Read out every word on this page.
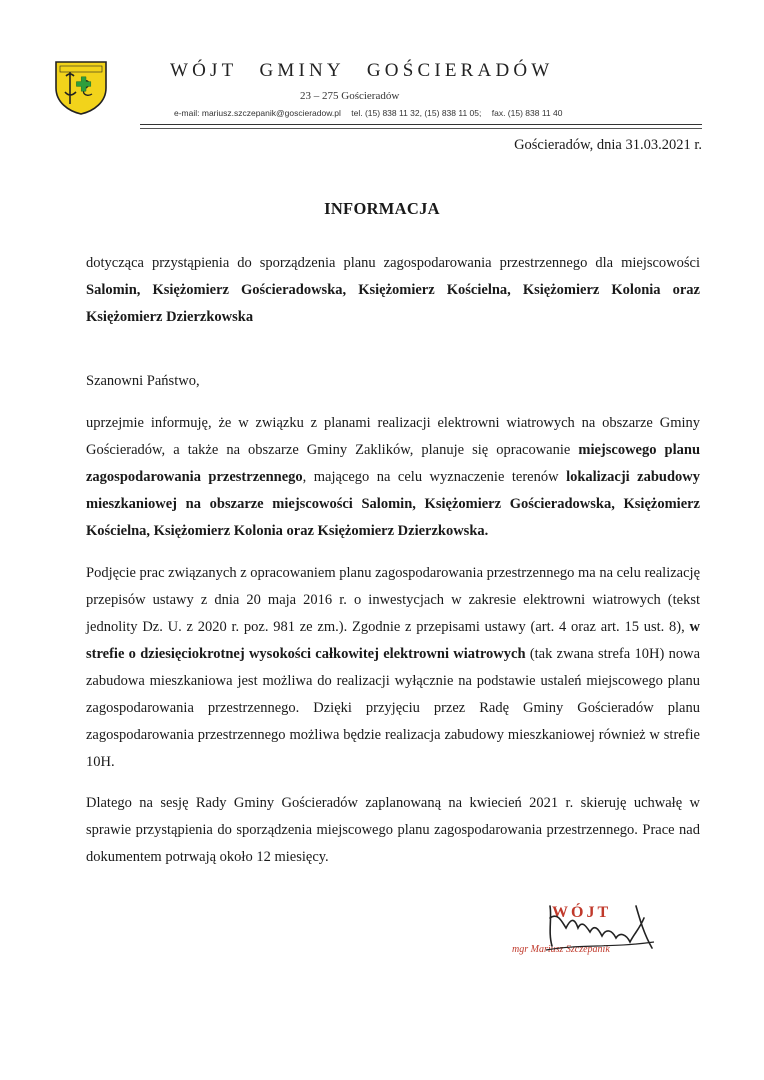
WÓJT GMINY GOŚCIERADÓW
23 – 275 Gościeradów
e-mail: mariusz.szczepanik@goscieradow.pl tel. (15) 838 11 32, (15) 838 11 05; fax. (15) 838 11 40
Gościeradów, dnia 31.03.2021 r.
INFORMACJA

dotycząca przystąpienia do sporządzenia planu zagospodarowania przestrzennego dla miejscowości Salomin, Księżomierz Gościeradowska, Księżomierz Kościelna, Księżomierz Kolonia oraz Księżomierz Dzierzkowska

Szanowni Państwo,

uprzejmie informuję, że w związku z planami realizacji elektrowni wiatrowych na obszarze Gminy Gościeradów, a także na obszarze Gminy Zaklików, planuje się opracowanie miejscowego planu zagospodarowania przestrzennego, mającego na celu wyznaczenie terenów lokalizacji zabudowy mieszkaniowej na obszarze miejscowości Salomin, Księżomierz Gościeradowska, Księżomierz Kościelna, Księżomierz Kolonia oraz Księżomierz Dzierzkowska.

Podjęcie prac związanych z opracowaniem planu zagospodarowania przestrzennego ma na celu realizację przepisów ustawy z dnia 20 maja 2016 r. o inwestycjach w zakresie elektrowni wiatrowych (tekst jednolity Dz. U. z 2020 r. poz. 981 ze zm.). Zgodnie z przepisami ustawy (art. 4 oraz art. 15 ust. 8), w strefie o dziesięciokrotnej wysokości całkowitej elektrowni wiatrowych (tak zwana strefa 10H) nowa zabudowa mieszkaniowa jest możliwa do realizacji wyłącznie na podstawie ustaleń miejscowego planu zagospodarowania przestrzennego. Dzięki przyjęciu przez Radę Gminy Gościeradów planu zagospodarowania przestrzennego możliwa będzie realizacja zabudowy mieszkaniowej również w strefie 10H.

Dlatego na sesję Rady Gminy Gościeradów zaplanowaną na kwiecień 2021 r. skieruję uchwałę w sprawie przystąpienia do sporządzenia miejscowego planu zagospodarowania przestrzennego. Prace nad dokumentem potrwają około 12 miesięcy.

WÓJT
mgr Mariusz Szczepanik
